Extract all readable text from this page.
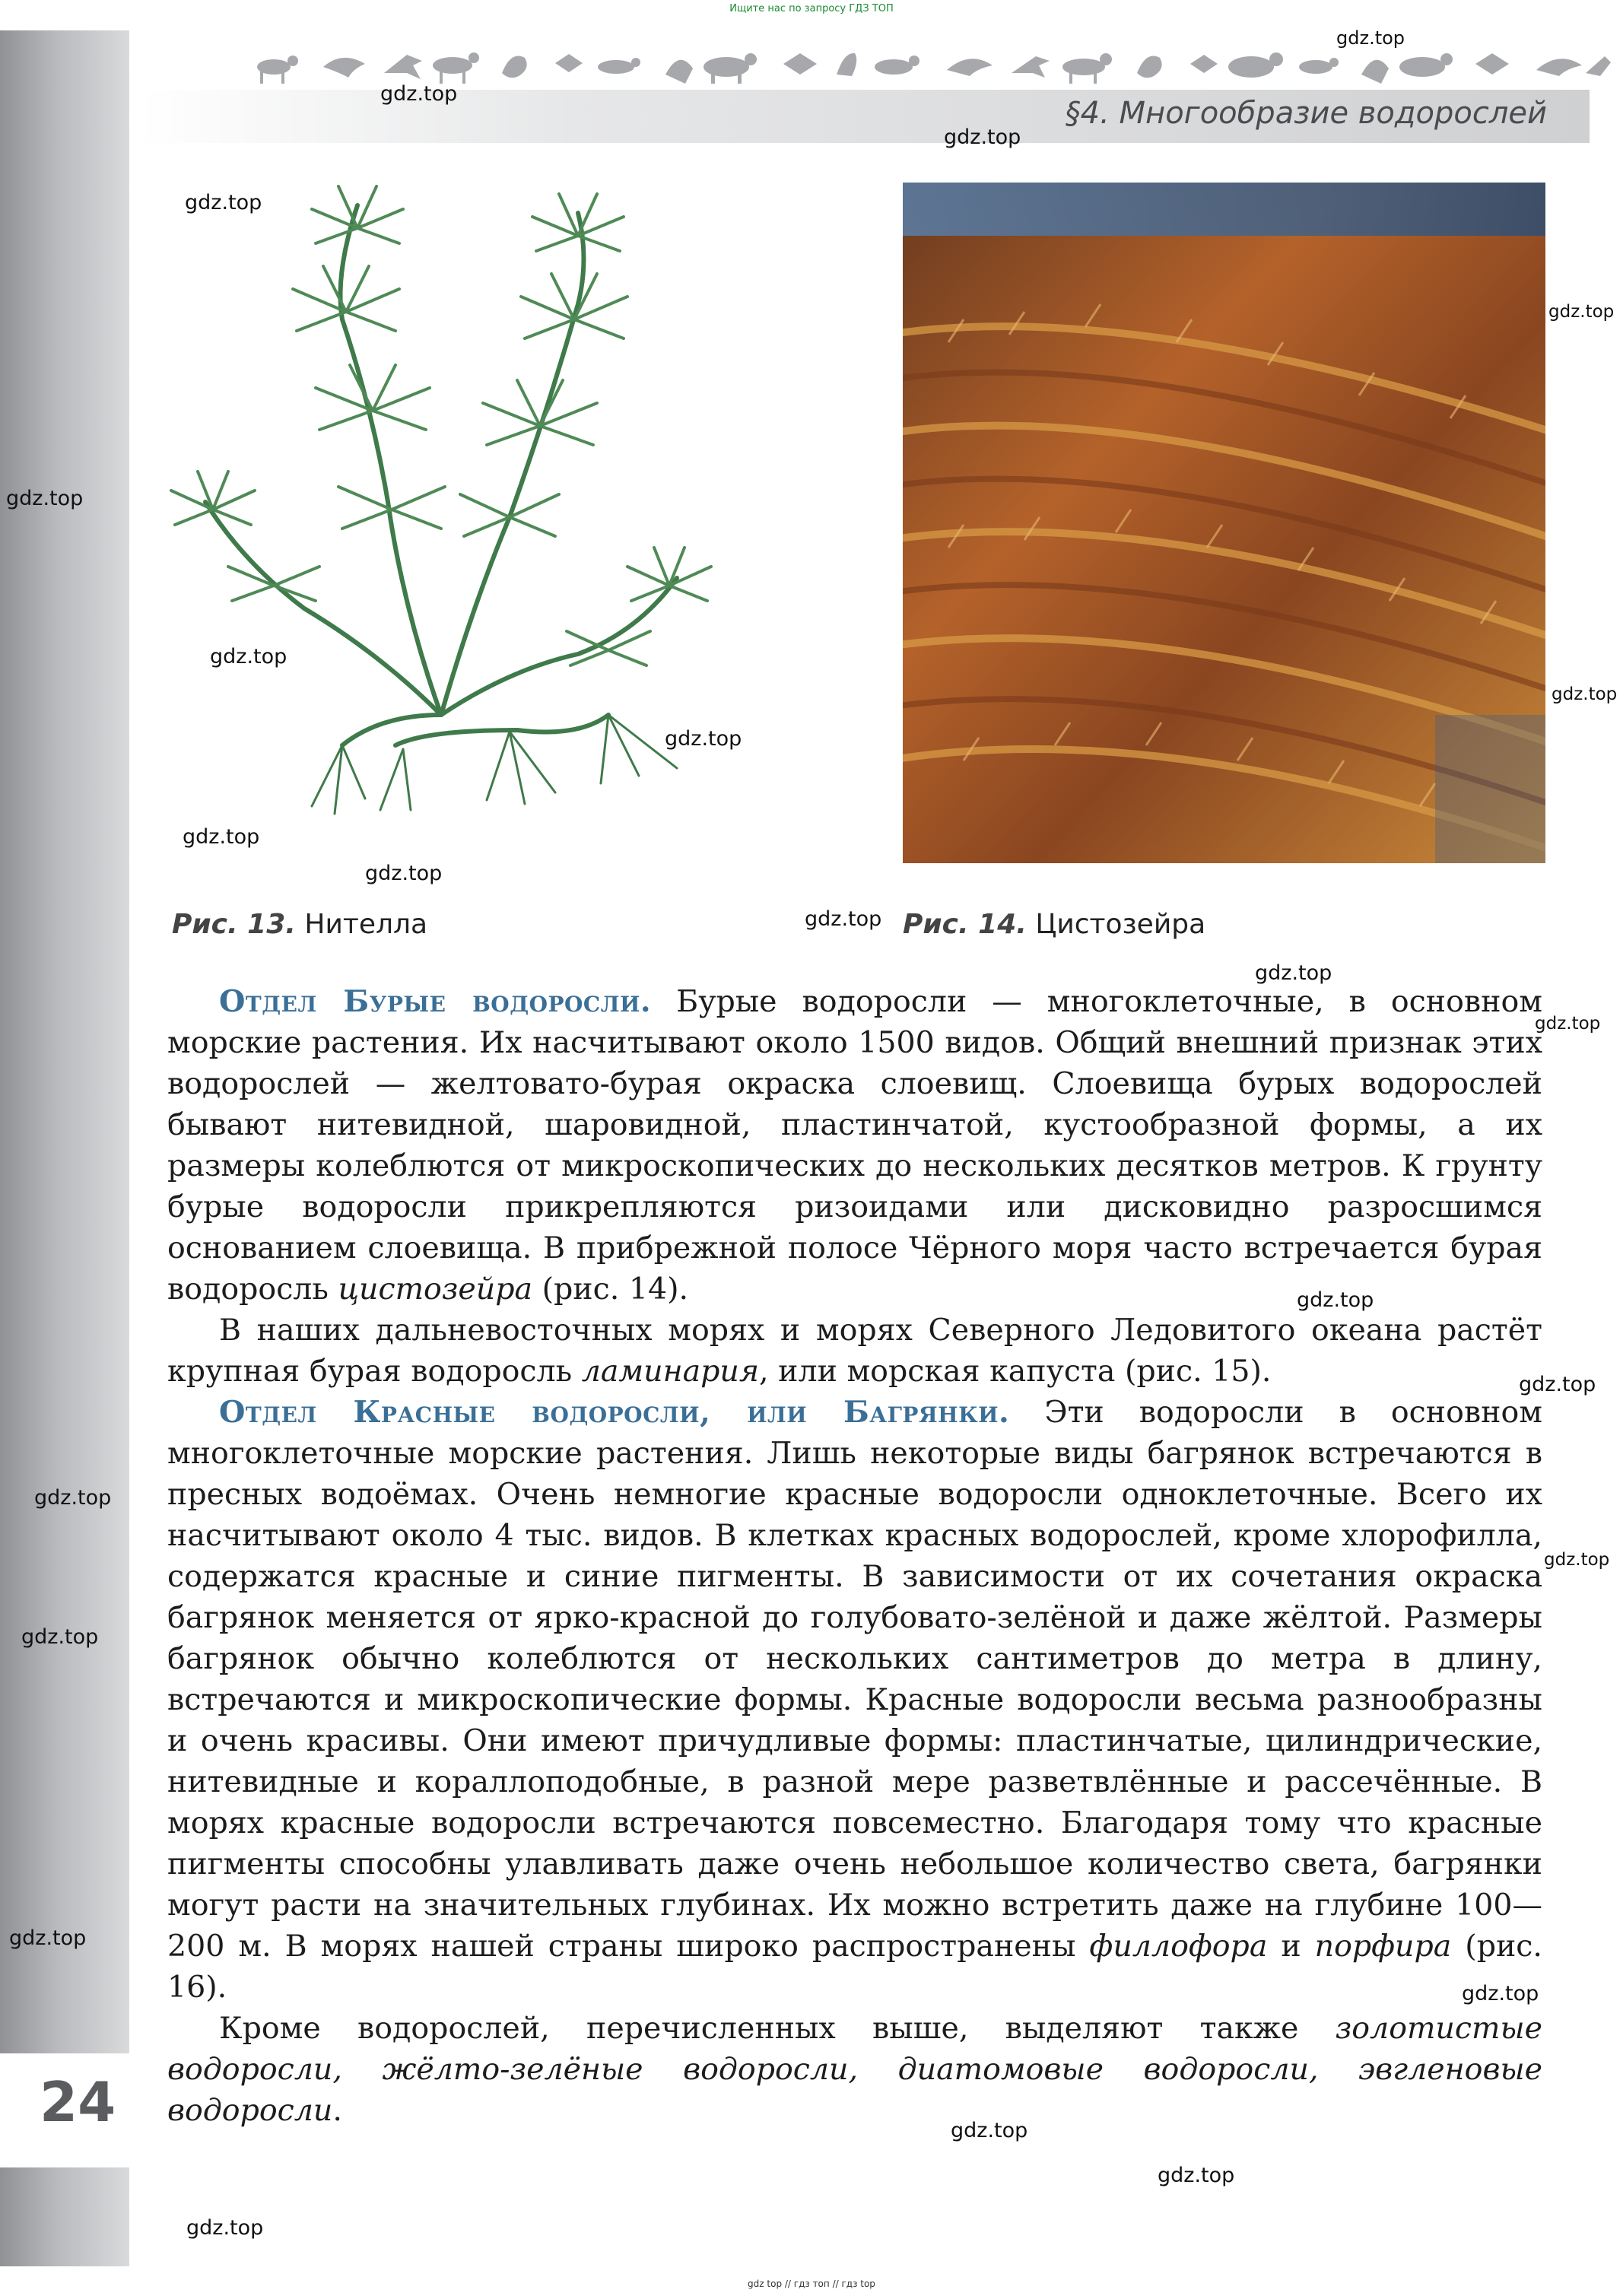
Ищите нас по запросу ГДЗ ТОП
24
§4. Многообразие водорослей
Рис. 13. Нителла	Рис. 14. Цистозейра

Отдел Бурые водоросли. Бурые водоросли — многоклеточные, в основном морские растения. Их насчитывают около 1500 видов. Общий внешний признак этих водорослей — желтовато-бурая окраска слоевищ. Слоевища бурых водорослей бывают нитевидной, шаровидной, пластинчатой, кустообразной формы, а их размеры колеблются от микроскопических до нескольких десятков метров. К грунту бурые водоросли прикрепляются ризоидами или дисковидно разросшимся основанием слоевища. В прибрежной полосе Чёрного моря часто встречается бурая водоросль цистозейра (рис. 14).

В наших дальневосточных морях и морях Северного Ледовитого океана растёт крупная бурая водоросль ламинария, или морская капуста (рис. 15).

Отдел Красные водоросли, или Багрянки. Эти водоросли в основном многоклеточные морские растения. Лишь некоторые виды багрянок встречаются в пресных водоёмах. Очень немногие красные водоросли одноклеточные. Всего их насчитывают около 4 тыс. видов. В клетках красных водорослей, кроме хлорофилла, содержатся красные и синие пигменты. В зависимости от их сочетания окраска багрянок меняется от ярко-красной до голубовато-зелёной и даже жёлтой. Размеры багрянок обычно колеблются от нескольких сантиметров до метра в длину, встречаются и микроскопические формы. Красные водоросли весьма разнообразны и очень красивы. Они имеют причудливые формы: пластинчатые, цилиндрические, нитевидные и кораллоподобные, в разной мере разветвлённые и рассечённые. В морях красные водоросли встречаются повсеместно. Благодаря тому что красные пигменты способны улавливать даже очень небольшое количество света, багрянки могут расти на значительных глубинах. Их можно встретить даже на глубине 100—200 м. В морях нашей страны широко распространены филлофора и порфира (рис. 16).

Кроме водорослей, перечисленных выше, выделяют также золотистые водоросли, жёлто-зелёные водоросли, диатомовые водоросли, эвгленовые водоросли.

gdz.top
gdz.top
gdz.top
gdz.top
gdz.top
gdz.top
gdz.top
gdz.top
gdz.top
gdz.top
gdz.top
gdz.top
gdz.top
gdz.top
gdz.top
gdz.top
gdz.top
gdz.top
gdz.top
gdz.top
gdz.top
gdz.top
gdz.top
gdz.top
gdz top // гдз топ // гдз top
